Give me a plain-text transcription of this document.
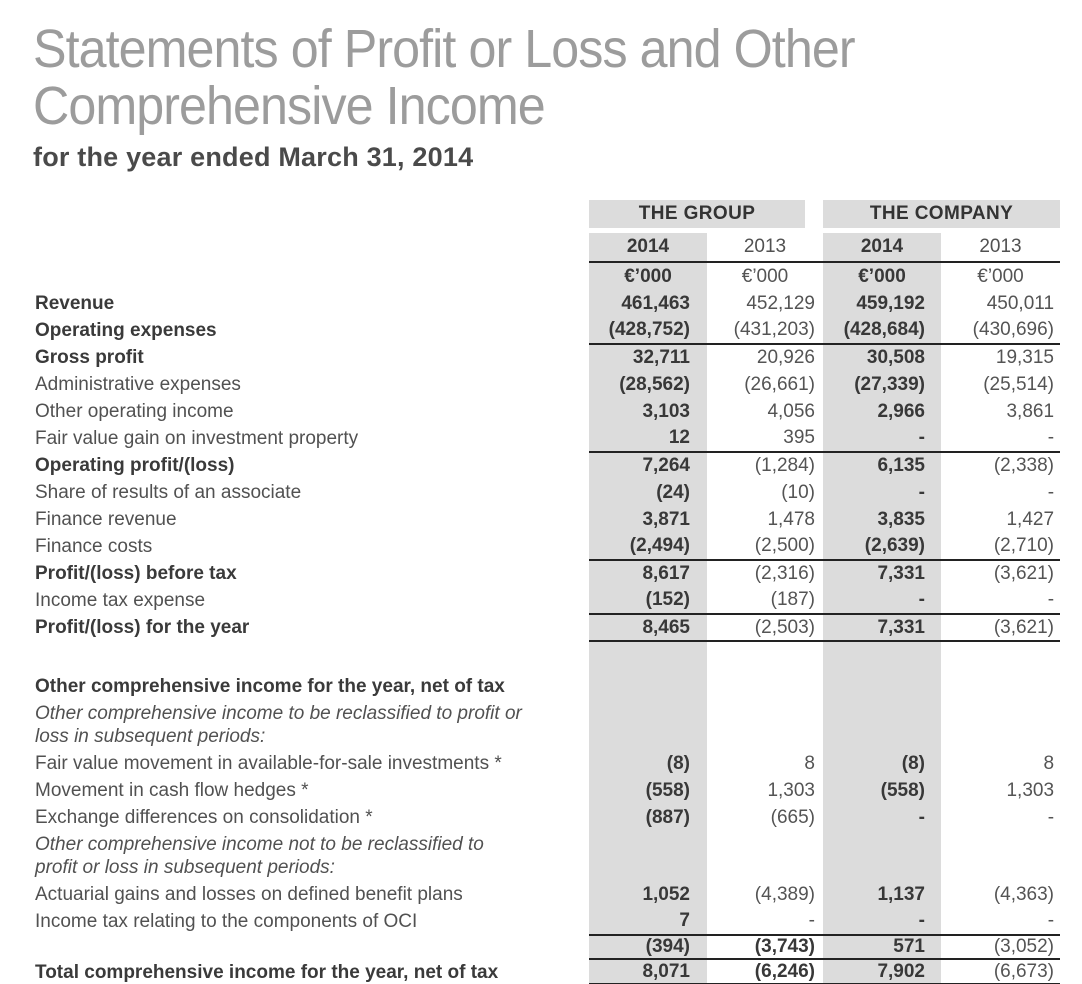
Statements of Profit or Loss and Other
Comprehensive Income
for the year ended March 31, 2014

	THE GROUP		THE COMPANY	

	2014	2013	2014	2013

	€’000	€’000	€’000	€’000
Revenue	461,463	452,129	459,192	450,011
Operating expenses	(428,752)	(431,203)	(428,684)	(430,696)
Gross profit	32,711	20,926	30,508	19,315
Administrative expenses	(28,562)	(26,661)	(27,339)	(25,514)
Other operating income	3,103	4,056	2,966	3,861
Fair value gain on investment property	12	395	-	-
Operating profit/(loss)	7,264	(1,284)	6,135	(2,338)
Share of results of an associate	(24)	(10)	-	-
Finance revenue	3,871	1,478	3,835	1,427
Finance costs	(2,494)	(2,500)	(2,639)	(2,710)
Profit/(loss) before tax	8,617	(2,316)	7,331	(3,621)
Income tax expense	(152)	(187)	-	-
Profit/(loss) for the year	8,465	(2,503)	7,331	(3,621)

Other comprehensive income for the year, net of tax				
Other comprehensive income to be reclassified to profit or loss in subsequent periods:				
Fair value movement in available-for-sale investments *	(8)	8	(8)	8
Movement in cash flow hedges *	(558)	1,303	(558)	1,303
Exchange differences on consolidation *	(887)	(665)	-	-
Other comprehensive income not to be reclassified to profit or loss in subsequent periods:				
Actuarial gains and losses on defined benefit plans	1,052	(4,389)	1,137	(4,363)
Income tax relating to the components of OCI	7	-	-	-
	(394)	(3,743)	571	(3,052)
Total comprehensive income for the year, net of tax	8,071	(6,246)	7,902	(6,673)
